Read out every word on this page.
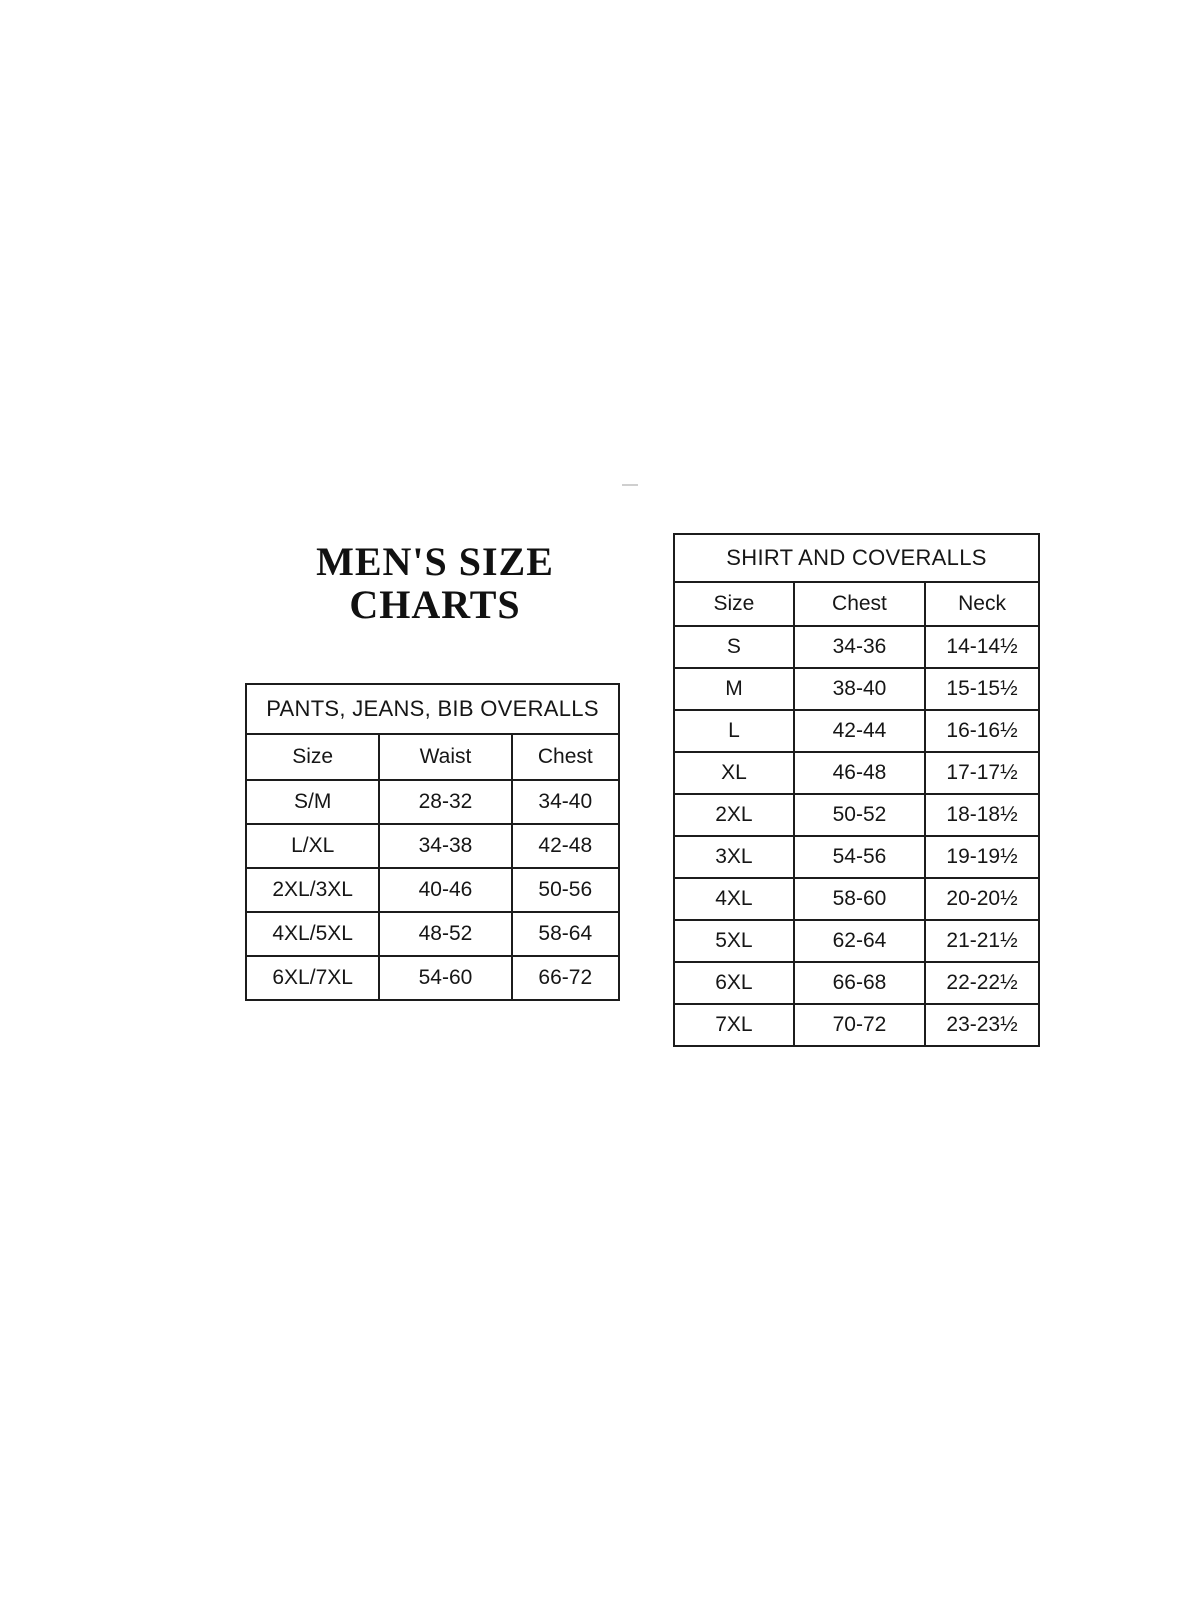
MEN'S SIZE
CHARTS
PANTS, JEANS, BIB OVERALLS		
Size	Waist	Chest
S/M	28-32	34-40
L/XL	34-38	42-48
2XL/3XL	40-46	50-56
4XL/5XL	48-52	58-64
6XL/7XL	54-60	66-72
SHIRT AND COVERALLS		
Size	Chest	Neck
S	34-36	14-14½
M	38-40	15-15½
L	42-44	16-16½
XL	46-48	17-17½
2XL	50-52	18-18½
3XL	54-56	19-19½
4XL	58-60	20-20½
5XL	62-64	21-21½
6XL	66-68	22-22½
7XL	70-72	23-23½
